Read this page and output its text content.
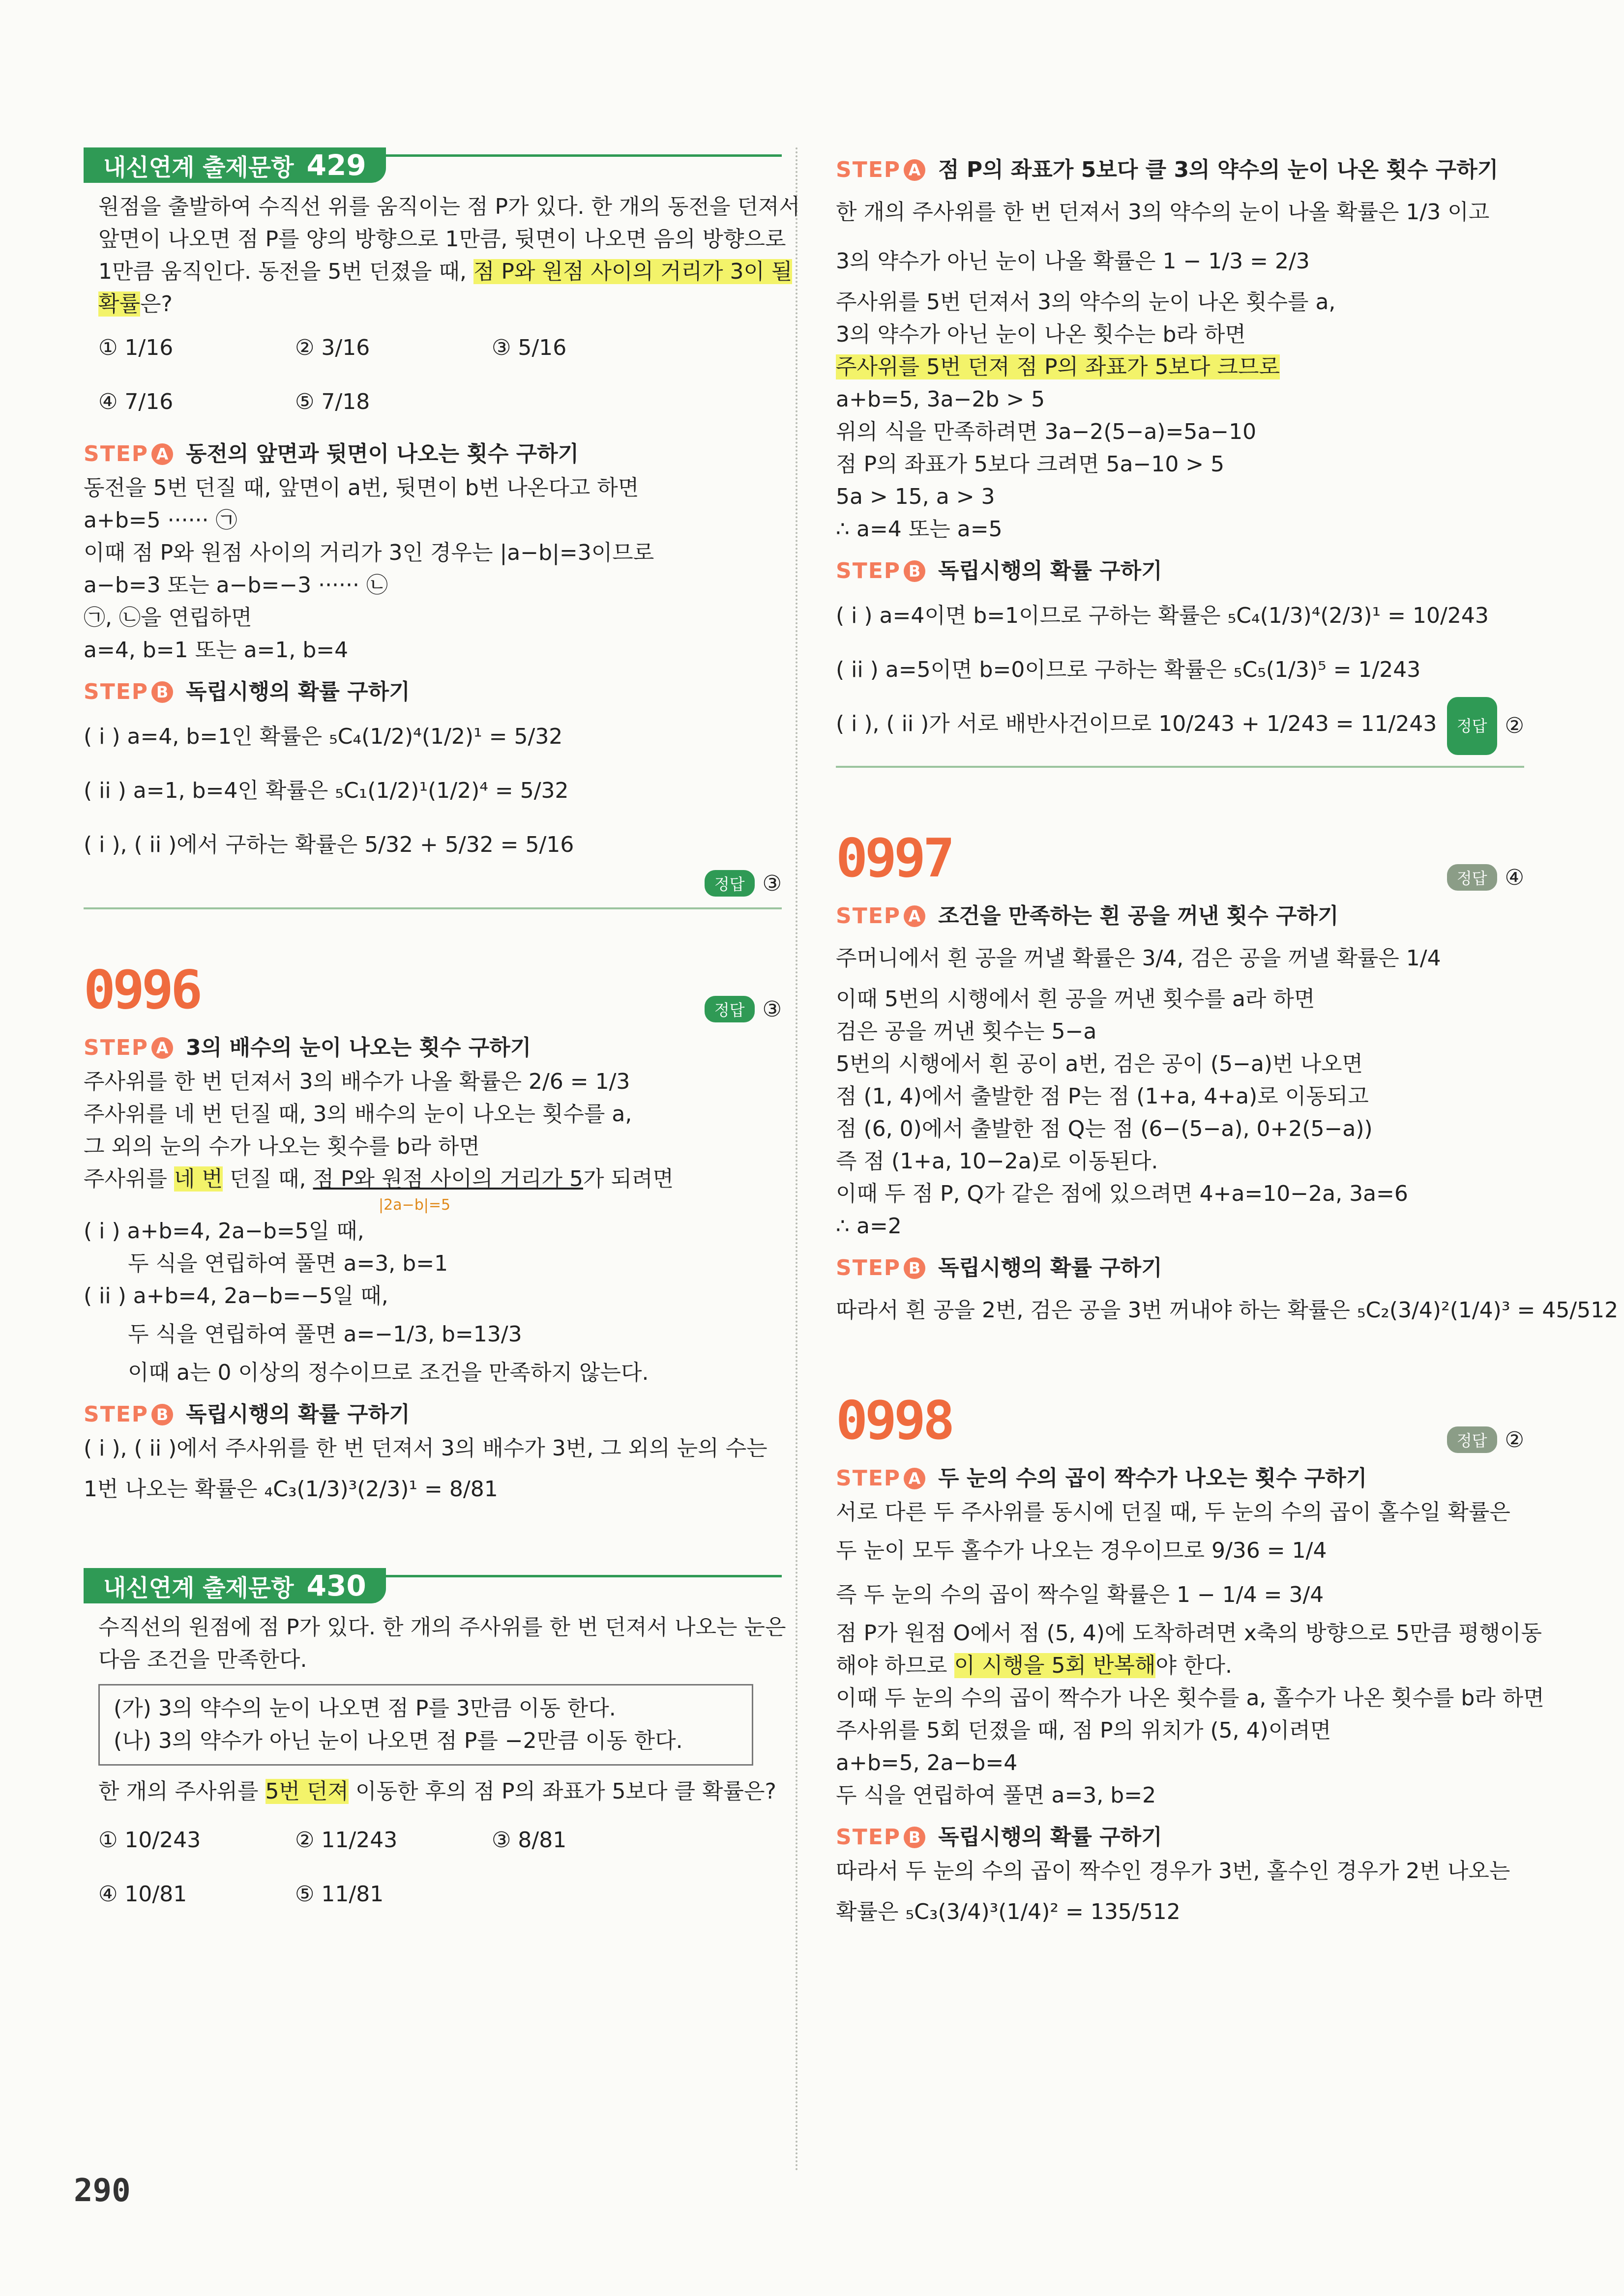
내신연계 출제문항 429
원점을 출발하여 수직선 위를 움직이는 점 P가 있다. 한 개의 동전을 던져서
앞면이 나오면 점 P를 양의 방향으로 1만큼, 뒷면이 나오면 음의 방향으로
1만큼 움직인다. 동전을 5번 던졌을 때, 점 P와 원점 사이의 거리가 3이 될
확률은?
① 1/16	② 3/16	③ 5/16
④ 7/16	⑤ 7/18
STEP A 동전의 앞면과 뒷면이 나오는 횟수 구하기
동전을 5번 던질 때, 앞면이 a번, 뒷면이 b번 나온다고 하면
a+b=5 ······ ㉠
이때 점 P와 원점 사이의 거리가 3인 경우는 |a−b|=3이므로
a−b=3 또는 a−b=−3 ······ ㉡
㉠, ㉡을 연립하면
a=4, b=1 또는 a=1, b=4
STEP B 독립시행의 확률 구하기
( i ) a=4, b=1인 확률은 ₅C₄(1/2)⁴(1/2)¹ = 5/32
( ii ) a=1, b=4인 확률은 ₅C₁(1/2)¹(1/2)⁴ = 5/32
( i ), ( ii )에서 구하는 확률은 5/32 + 5/32 = 5/16
정답 ③
0996	정답 ③
STEP A 3의 배수의 눈이 나오는 횟수 구하기
주사위를 한 번 던져서 3의 배수가 나올 확률은 2/6 = 1/3
주사위를 네 번 던질 때, 3의 배수의 눈이 나오는 횟수를 a,
그 외의 눈의 수가 나오는 횟수를 b라 하면
주사위를 네 번 던질 때, 점 P와 원점 사이의 거리가 5가 되려면
|2a−b|=5
( i ) a+b=4, 2a−b=5일 때,
두 식을 연립하여 풀면 a=3, b=1
( ii ) a+b=4, 2a−b=−5일 때,
두 식을 연립하여 풀면 a=−1/3, b=13/3
이때 a는 0 이상의 정수이므로 조건을 만족하지 않는다.
STEP B 독립시행의 확률 구하기
( i ), ( ii )에서 주사위를 한 번 던져서 3의 배수가 3번, 그 외의 눈의 수는
1번 나오는 확률은 ₄C₃(1/3)³(2/3)¹ = 8/81
내신연계 출제문항 430
수직선의 원점에 점 P가 있다. 한 개의 주사위를 한 번 던져서 나오는 눈은
다음 조건을 만족한다.
(가) 3의 약수의 눈이 나오면 점 P를 3만큼 이동 한다.
(나) 3의 약수가 아닌 눈이 나오면 점 P를 −2만큼 이동 한다.
한 개의 주사위를 5번 던져 이동한 후의 점 P의 좌표가 5보다 클 확률은?
① 10/243	② 11/243	③ 8/81
④ 10/81	⑤ 11/81
STEP A 점 P의 좌표가 5보다 클 3의 약수의 눈이 나온 횟수 구하기
한 개의 주사위를 한 번 던져서 3의 약수의 눈이 나올 확률은 1/3 이고
3의 약수가 아닌 눈이 나올 확률은 1 − 1/3 = 2/3
주사위를 5번 던져서 3의 약수의 눈이 나온 횟수를 a,
3의 약수가 아닌 눈이 나온 횟수는 b라 하면
주사위를 5번 던져 점 P의 좌표가 5보다 크므로
a+b=5, 3a−2b > 5
위의 식을 만족하려면 3a−2(5−a)=5a−10
점 P의 좌표가 5보다 크려면 5a−10 > 5
5a > 15, a > 3
∴ a=4 또는 a=5
STEP B 독립시행의 확률 구하기
( i ) a=4이면 b=1이므로 구하는 확률은 ₅C₄(1/3)⁴(2/3)¹ = 10/243
( ii ) a=5이면 b=0이므로 구하는 확률은 ₅C₅(1/3)⁵ = 1/243
( i ), ( ii )가 서로 배반사건이므로 10/243 + 1/243 = 11/243	정답 ②
0997	정답 ④
STEP A 조건을 만족하는 흰 공을 꺼낸 횟수 구하기
주머니에서 흰 공을 꺼낼 확률은 3/4, 검은 공을 꺼낼 확률은 1/4
이때 5번의 시행에서 흰 공을 꺼낸 횟수를 a라 하면
검은 공을 꺼낸 횟수는 5−a
5번의 시행에서 흰 공이 a번, 검은 공이 (5−a)번 나오면
점 (1, 4)에서 출발한 점 P는 점 (1+a, 4+a)로 이동되고
점 (6, 0)에서 출발한 점 Q는 점 (6−(5−a), 0+2(5−a))
즉 점 (1+a, 10−2a)로 이동된다.
이때 두 점 P, Q가 같은 점에 있으려면 4+a=10−2a, 3a=6
∴ a=2
STEP B 독립시행의 확률 구하기
따라서 흰 공을 2번, 검은 공을 3번 꺼내야 하는 확률은 ₅C₂(3/4)²(1/4)³ = 45/512
0998	정답 ②
STEP A 두 눈의 수의 곱이 짝수가 나오는 횟수 구하기
서로 다른 두 주사위를 동시에 던질 때, 두 눈의 수의 곱이 홀수일 확률은
두 눈이 모두 홀수가 나오는 경우이므로 9/36 = 1/4
즉 두 눈의 수의 곱이 짝수일 확률은 1 − 1/4 = 3/4
점 P가 원점 O에서 점 (5, 4)에 도착하려면 x축의 방향으로 5만큼 평행이동
해야 하므로 이 시행을 5회 반복해야 한다.
이때 두 눈의 수의 곱이 짝수가 나온 횟수를 a, 홀수가 나온 횟수를 b라 하면
주사위를 5회 던졌을 때, 점 P의 위치가 (5, 4)이려면
a+b=5, 2a−b=4
두 식을 연립하여 풀면 a=3, b=2
STEP B 독립시행의 확률 구하기
따라서 두 눈의 수의 곱이 짝수인 경우가 3번, 홀수인 경우가 2번 나오는
확률은 ₅C₃(3/4)³(1/4)² = 135/512
290
